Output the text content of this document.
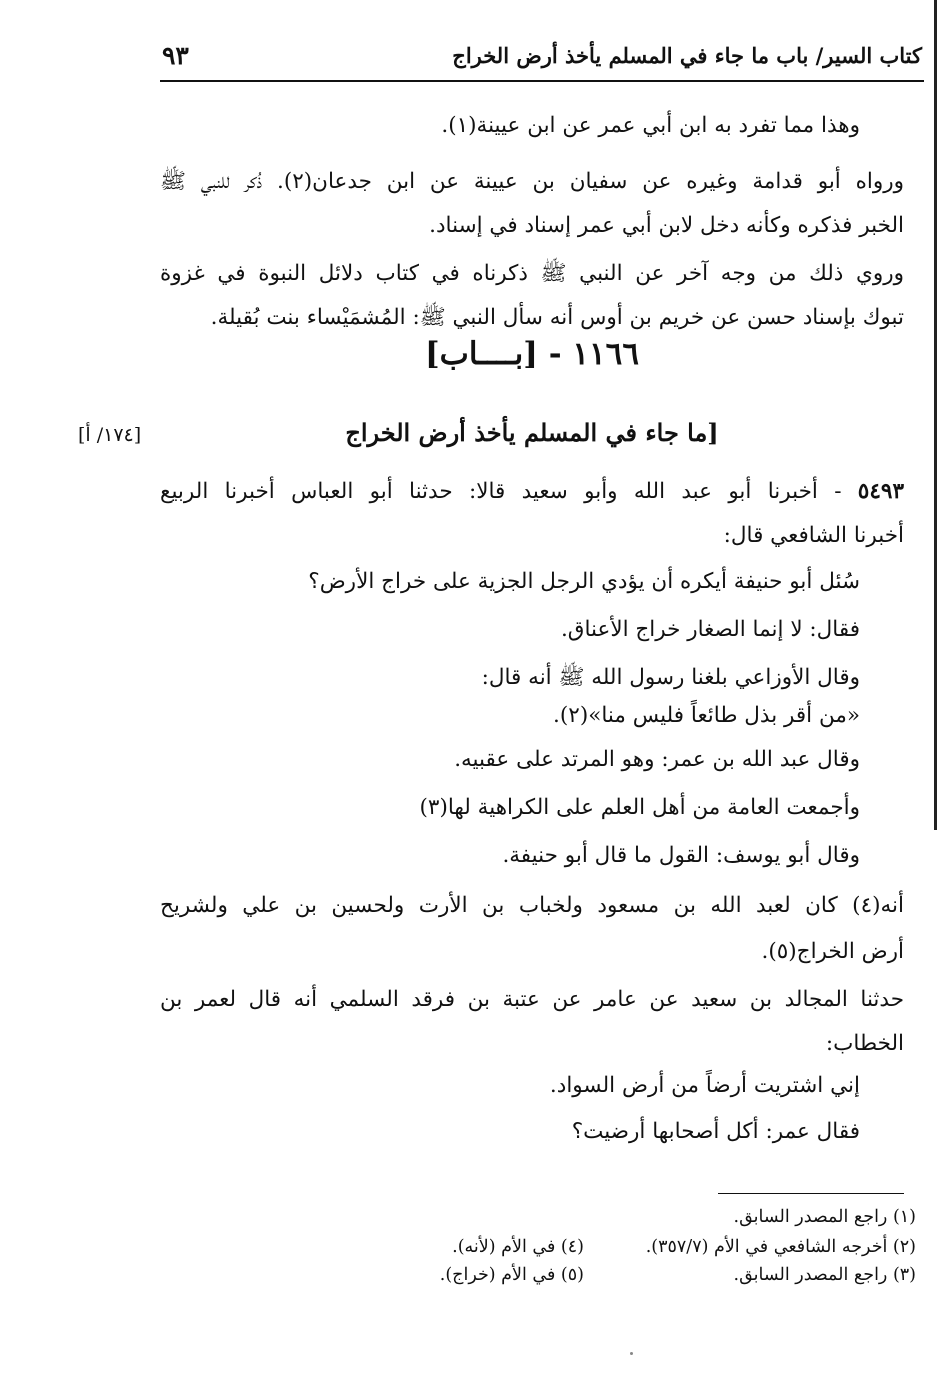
٩٣	كتاب السير/ باب ما جاء في المسلم يأخذ أرض الخراج
وهذا مما تفرد به ابن أبي عمر عن ابن عيينة(١).
ورواه أبو قدامة وغيره عن سفيان بن عيينة عن ابن جدعان(٢). ذُكر للنبي ﷺ
الخبر فذكره وكأنه دخل لابن أبي عمر إسناد في إسناد.
وروي ذلك من وجه آخر عن النبي ﷺ ذكرناه في كتاب دلائل النبوة في غزوة
تبوك بإسناد حسن عن خريم بن أوس أنه سأل النبي ﷺ: المُشمَيْساء بنت بُقيلة.
١١٦٦ - [بــــاب]
[ما جاء في المسلم يأخذ أرض الخراج
[١٧٤/ أ]
٥٤٩٣ - أخبرنا أبو عبد الله وأبو سعيد قالا: حدثنا أبو العباس أخبرنا الربيع
أخبرنا الشافعي قال:
سُئل أبو حنيفة أيكره أن يؤدي الرجل الجزية على خراج الأرض؟
فقال: لا إنما الصغار خراج الأعناق.
وقال الأوزاعي بلغنا رسول الله ﷺ أنه قال:
«من أقر بذل طائعاً فليس منا»(٢).
وقال عبد الله بن عمر: وهو المرتد على عقبيه.
وأجمعت العامة من أهل العلم على الكراهية لها(٣)
وقال أبو يوسف: القول ما قال أبو حنيفة.
أنه(٤) كان لعبد الله بن مسعود ولخباب بن الأرت ولحسين بن علي ولشريح
أرض الخراج(٥).
حدثنا المجالد بن سعيد عن عامر عن عتبة بن فرقد السلمي أنه قال لعمر بن
الخطاب:
إني اشتريت أرضاً من أرض السواد.
فقال عمر: أكل أصحابها أرضيت؟
(١) راجع المصدر السابق.
(٢) أخرجه الشافعي في الأم (٣٥٧/٧).
(٣) راجع المصدر السابق.
(٤) في الأم (لأنه).
(٥) في الأم (خراج).
